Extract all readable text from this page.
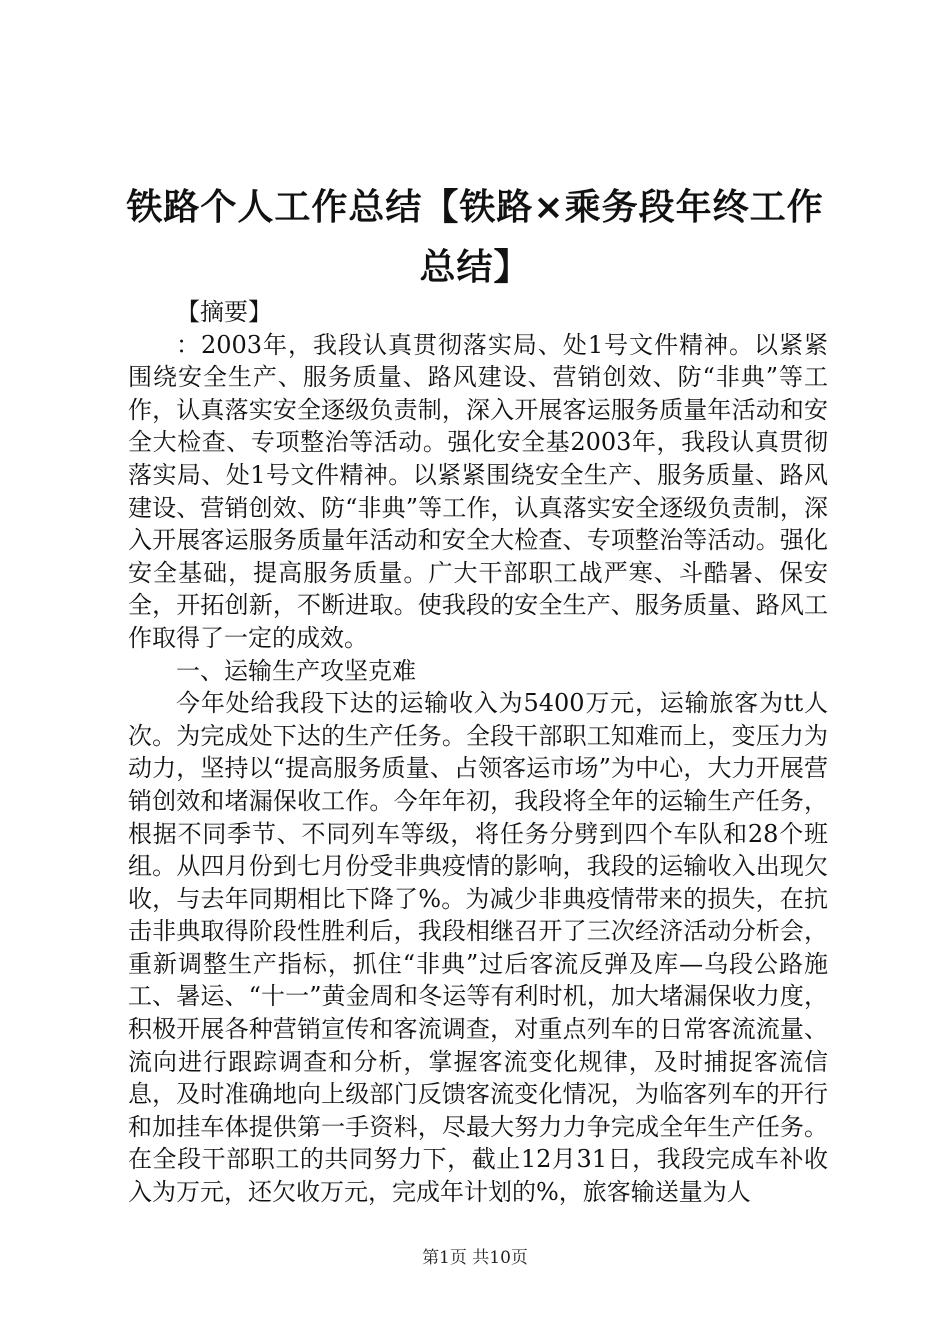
铁路个人工作总结【铁路×乘务段年终工作总结】

【摘要】

：2003年，我段认真贯彻落实局、处1号文件精神。以紧紧围绕安全生产、服务质量、路风建设、营销创效、防“非典”等工作，认真落实安全逐级负责制，深入开展客运服务质量年活动和安全大检查、专项整治等活动。强化安全基2003年，我段认真贯彻落实局、处1号文件精神。以紧紧围绕安全生产、服务质量、路风建设、营销创效、防“非典”等工作，认真落实安全逐级负责制，深入开展客运服务质量年活动和安全大检查、专项整治等活动。强化安全基础，提高服务质量。广大干部职工战严寒、斗酷暑、保安全，开拓创新，不断进取。使我段的安全生产、服务质量、路风工作取得了一定的成效。

一、运输生产攻坚克难

今年处给我段下达的运输收入为5400万元，运输旅客为tt人次。为完成处下达的生产任务。全段干部职工知难而上，变压力为动力，坚持以“提高服务质量、占领客运市场”为中心，大力开展营销创效和堵漏保收工作。今年年初，我段将全年的运输生产任务，根据不同季节、不同列车等级，将任务分劈到四个车队和28个班组。从四月份到七月份受非典疫情的影响，我段的运输收入出现欠收，与去年同期相比下降了%。为减少非典疫情带来的损失，在抗击非典取得阶段性胜利后，我段相继召开了三次经济活动分析会，重新调整生产指标，抓住“非典”过后客流反弹及库—乌段公路施工、暑运、“十一”黄金周和冬运等有利时机，加大堵漏保收力度，积极开展各种营销宣传和客流调查，对重点列车的日常客流流量、流向进行跟踪调查和分析，掌握客流变化规律，及时捕捉客流信息，及时准确地向上级部门反馈客流变化情况，为临客列车的开行和加挂车体提供第一手资料，尽最大努力力争完成全年生产任务。在全段干部职工的共同努力下，截止12月31日，我段完成车补收入为万元，还欠收万元，完成年计划的%，旅客输送量为人

第1页 共10页
